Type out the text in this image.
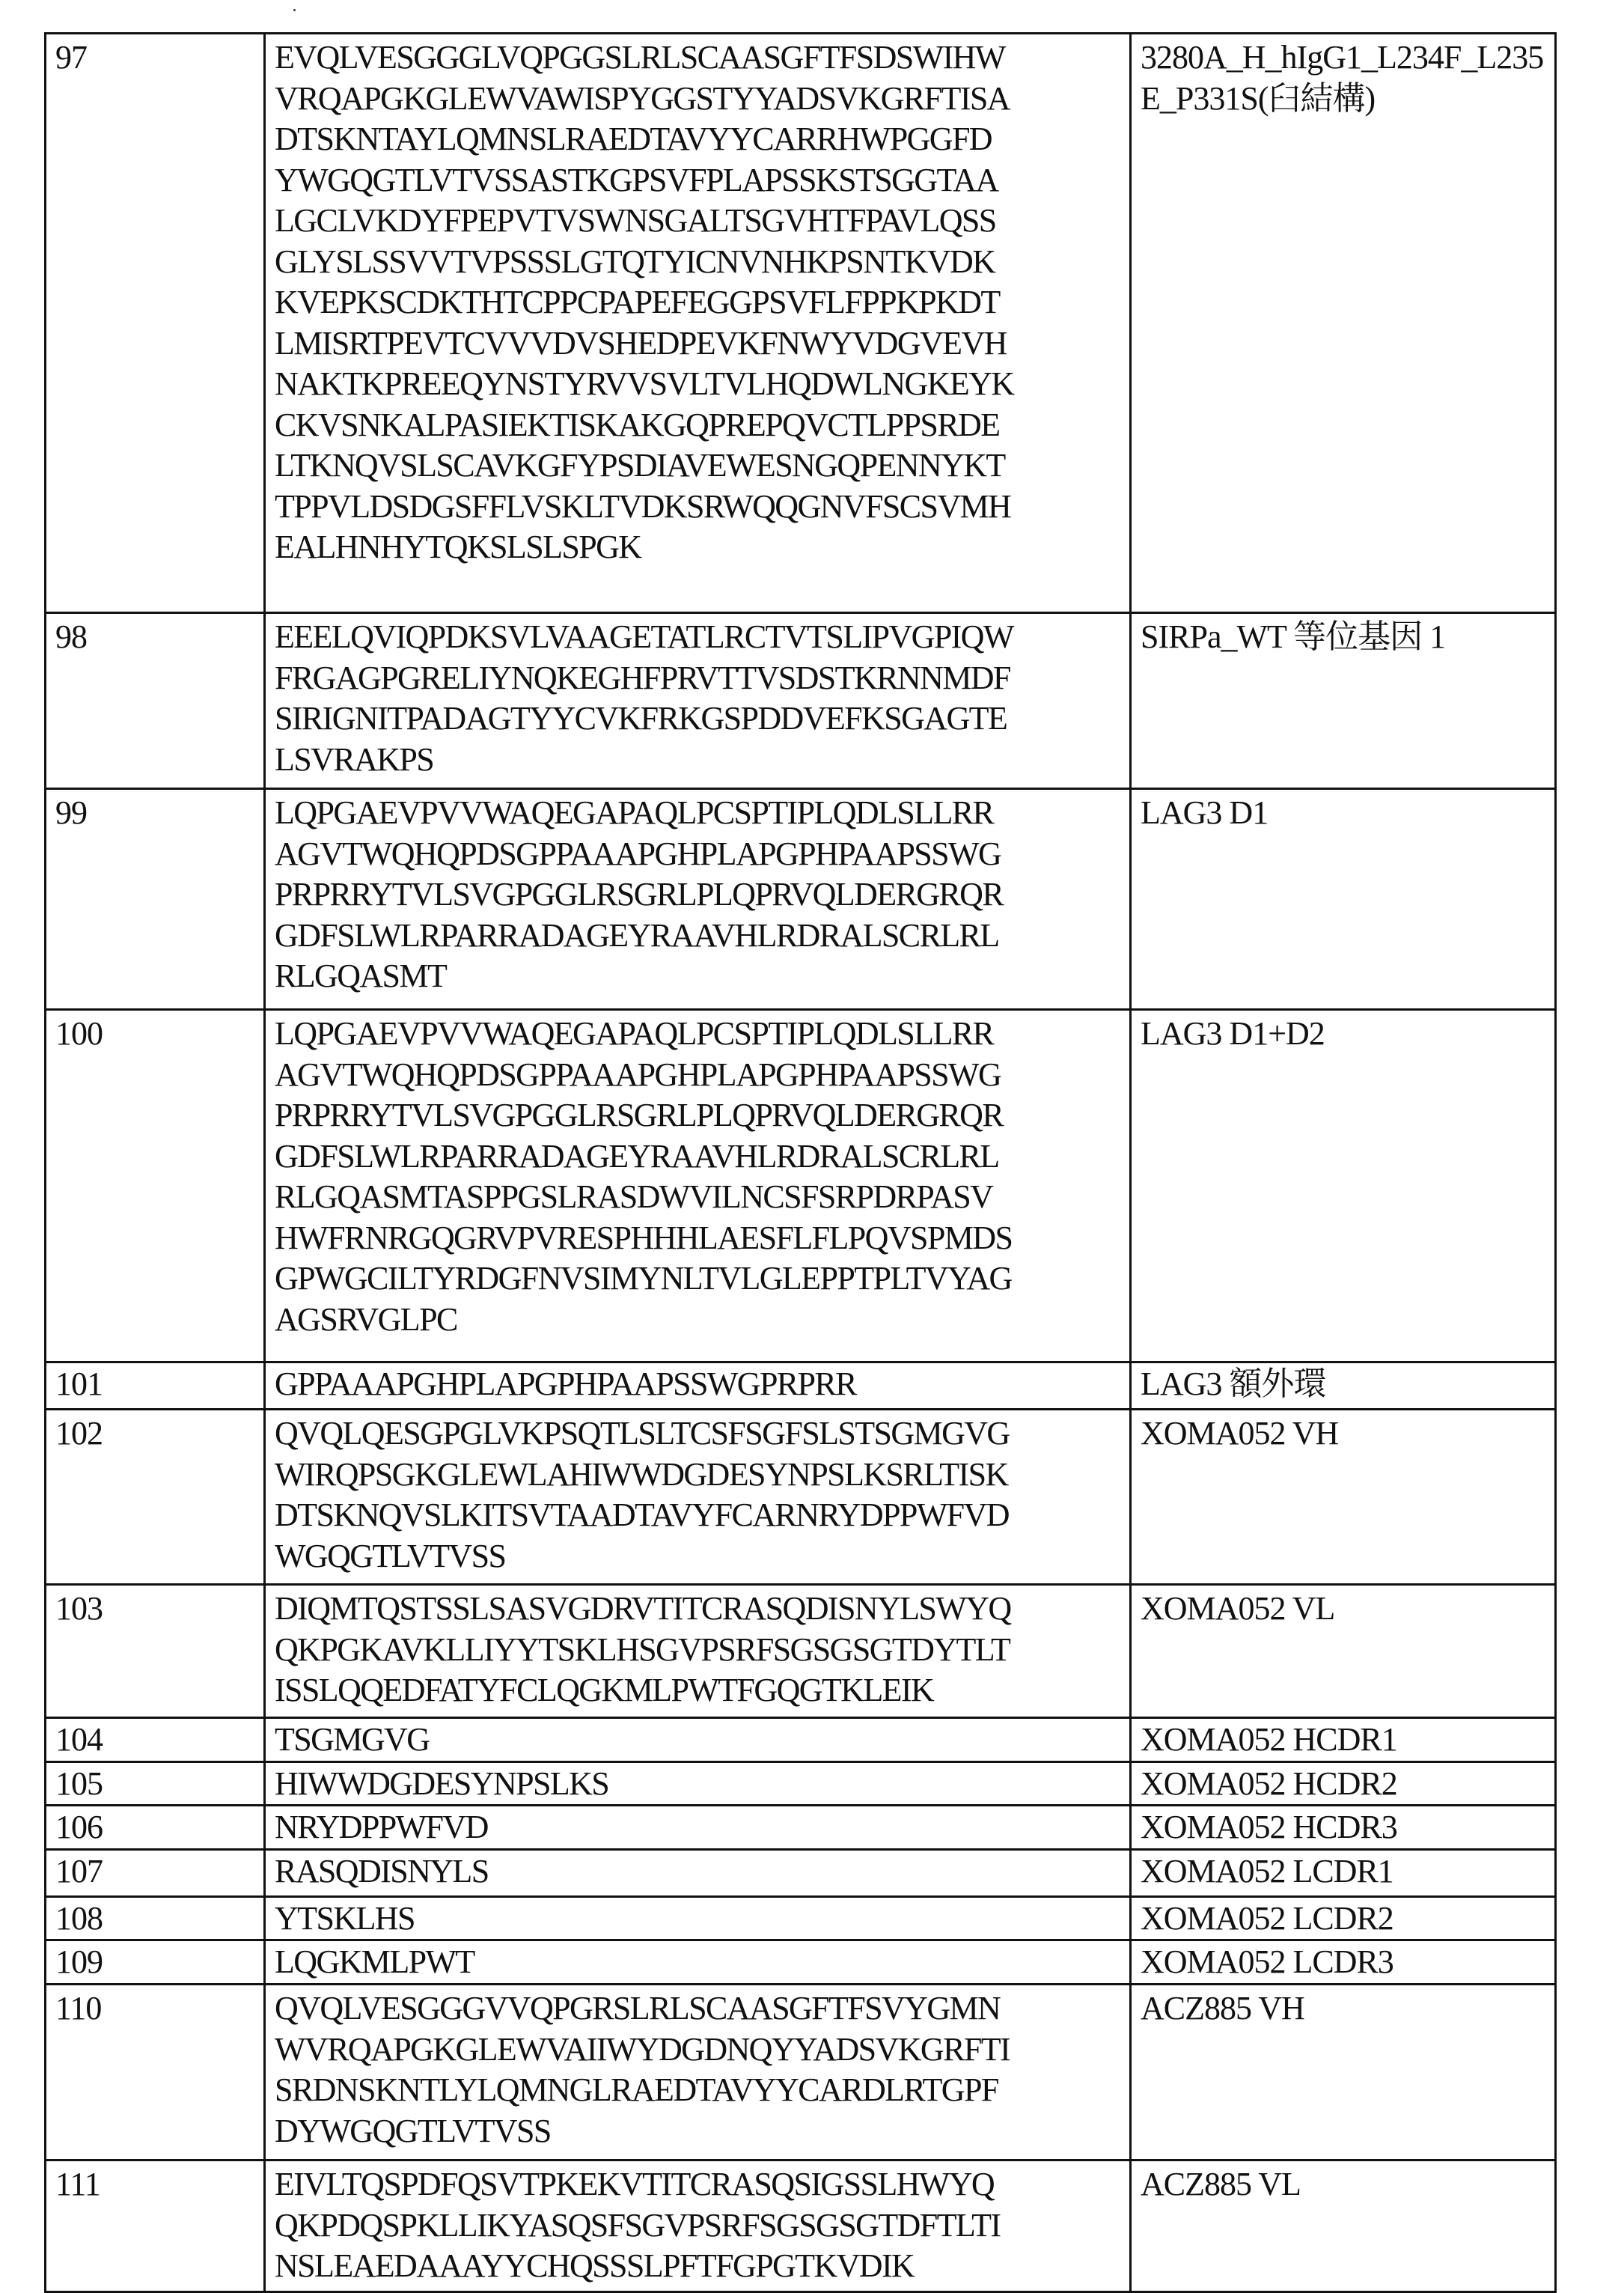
97	EVQLVESGGGLVQPGGSLRLSCAASGFTFSDSWIHW
VRQAPGKGLEWVAWISPYGGSTYYADSVKGRFTISA
DTSKNTAYLQMNSLRAEDTAVYYCARRHWPGGFD
YWGQGTLVTVSSASTKGPSVFPLAPSSKSTSGGTAA
LGCLVKDYFPEPVTVSWNSGALTSGVHTFPAVLQSS
GLYSLSSVVTVPSSSLGTQTYICNVNHKPSNTKVDK
KVEPKSCDKTHTCPPCPAPEFEGGPSVFLFPPKPKDT
LMISRTPEVTCVVVDVSHEDPEVKFNWYVDGVEVH
NAKTKPREEQYNSTYRVVSVLTVLHQDWLNGKEYK
CKVSNKALPASIEKTISKAKGQPREPQVCTLPPSRDE
LTKNQVSLSCAVKGFYPSDIAVEWESNGQPENNYKT
TPPVLDSDGSFFLVSKLTVDKSRWQQGNVFSCSVMH
EALHNHYTQKSLSLSPGK
	3280A_H_hIgG1_L234F_L235E_P331S(臼結構)
98	EEELQVIQPDKSVLVAAGETATLRCTVTSLIPVGPIQW
FRGAGPGRELIYNQKEGHFPRVTTVSDSTKRNNMDF
SIRIGNITPADAGTYYCVKFRKGSPDDVEFKSGAGTE
LSVRAKPS	SIRPa_WT 等位基因 1
99	LQPGAEVPVVWAQEGAPAQLPCSPTIPLQDLSLLRR
AGVTWQHQPDSGPPAAAPGHPLAPGPHPAAPSSWG
PRPRRYTVLSVGPGGLRSGRLPLQPRVQLDERGRQR
GDFSLWLRPARRADAGEYRAAVHLRDRALSCRLRL
RLGQASMT	LAG3 D1
100	LQPGAEVPVVWAQEGAPAQLPCSPTIPLQDLSLLRR
AGVTWQHQPDSGPPAAAPGHPLAPGPHPAAPSSWG
PRPRRYTVLSVGPGGLRSGRLPLQPRVQLDERGRQR
GDFSLWLRPARRADAGEYRAAVHLRDRALSCRLRL
RLGQASMTASPPGSLRASDWVILNCSFSRPDRPASV
HWFRNRGQGRVPVRESPHHHLAESFLFLPQVSPMDS
GPWGCILTYRDGFNVSIMYNLTVLGLEPPTPLTVYAG
AGSRVGLPC
	LAG3 D1+D2
101	GPPAAAPGHPLAPGPHPAAPSSWGPRPRR	LAG3 額外環
102	QVQLQESGPGLVKPSQTLSLTCSFSGFSLSTSGMGVG
WIRQPSGKGLEWLAHIWWDGDESYNPSLKSRLTISK
DTSKNQVSLKITSVTAADTAVYFCARNRYDPPWFVD
WGQGTLVTVSS	XOMA052 VH
103	DIQMTQSTSSLSASVGDRVTITCRASQDISNYLSWYQ
QKPGKAVKLLIYYTSKLHSGVPSRFSGSGSGTDYTLT
ISSLQQEDFATYFCLQGKMLPWTFGQGTKLEIK	XOMA052 VL
104	TSGMGVG	XOMA052 HCDR1
105	HIWWDGDESYNPSLKS	XOMA052 HCDR2
106	NRYDPPWFVD	XOMA052 HCDR3
107	RASQDISNYLS	XOMA052 LCDR1
108	YTSKLHS	XOMA052 LCDR2
109	LQGKMLPWT	XOMA052 LCDR3
110	QVQLVESGGGVVQPGRSLRLSCAASGFTFSVYGMN
WVRQAPGKGLEWVAIIWYDGDNQYYADSVKGRFTI
SRDNSKNTLYLQMNGLRAEDTAVYYCARDLRTGPF
DYWGQGTLVTVSS	ACZ885 VH
111	EIVLTQSPDFQSVTPKEKVTITCRASQSIGSSLHWYQ
QKPDQSPKLLIKYASQSFSGVPSRFSGSGSGTDFTLTI
NSLEAEDAAAYYCHQSSSLPFTFGPGTKVDIK	ACZ885 VL
